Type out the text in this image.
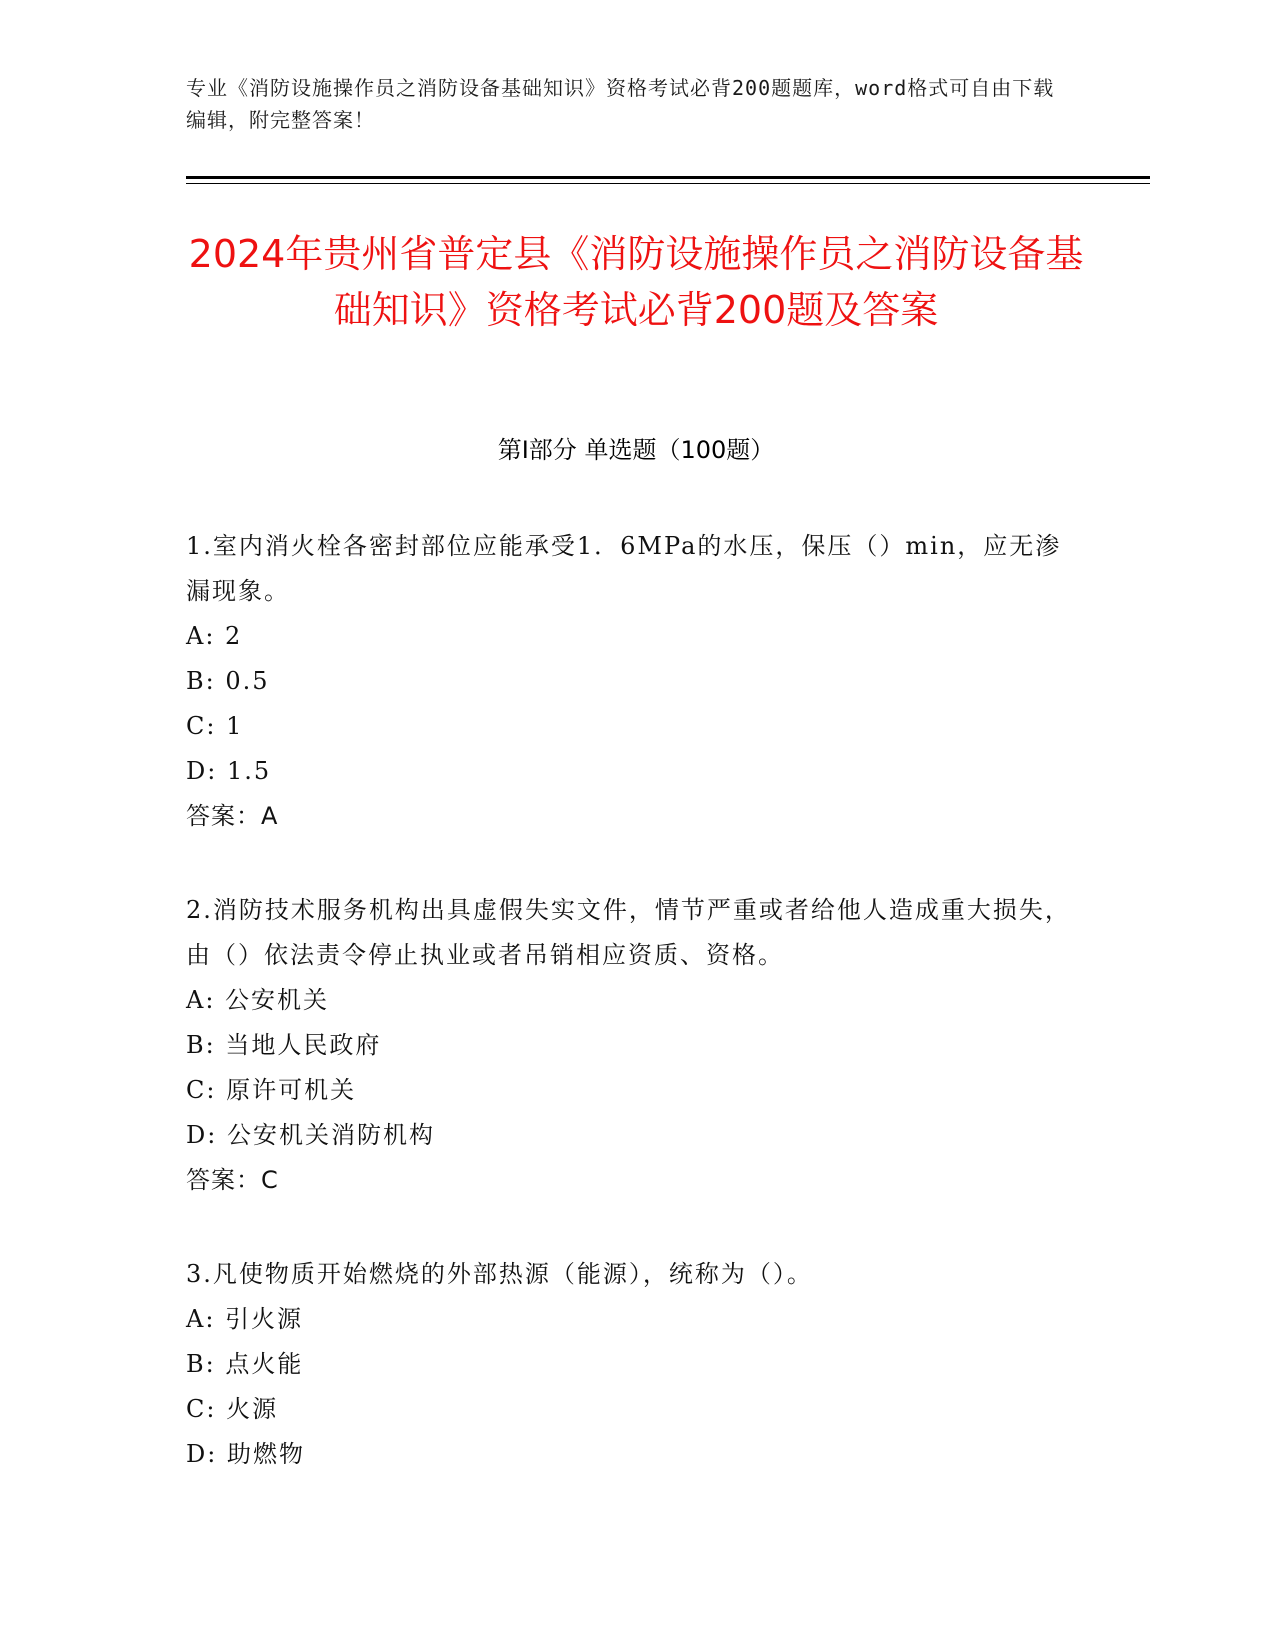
专业《消防设施操作员之消防设备基础知识》资格考试必背200题题库，word格式可自由下载编辑，附完整答案！
2024年贵州省普定县《消防设施操作员之消防设备基础知识》资格考试必背200题及答案
第Ⅰ部分 单选题（100题）
1.室内消火栓各密封部位应能承受1．6MPa的水压，保压（）min，应无渗漏现象。
A: 2
B: 0.5
C: 1
D: 1.5
答案：A
2.消防技术服务机构出具虚假失实文件，情节严重或者给他人造成重大损失，由（）依法责令停止执业或者吊销相应资质、资格。
A: 公安机关
B: 当地人民政府
C: 原许可机关
D: 公安机关消防机构
答案：C
3.凡使物质开始燃烧的外部热源（能源），统称为（）。
A: 引火源
B: 点火能
C: 火源
D: 助燃物
